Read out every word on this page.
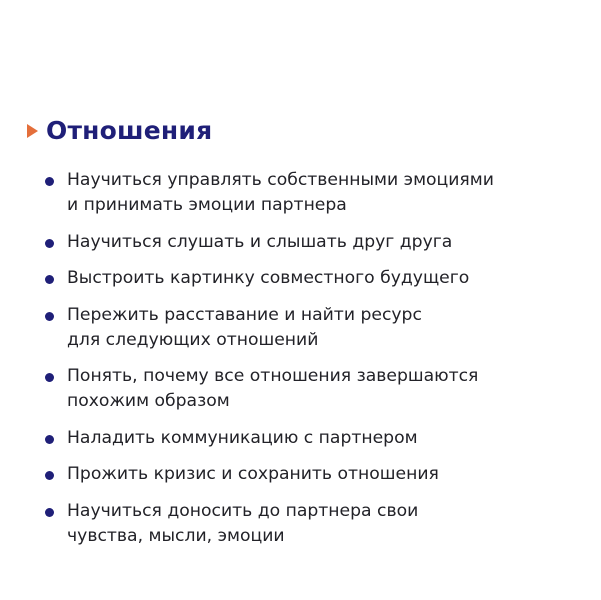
Отношения
Научиться управлять собственными эмоциями
и принимать эмоции партнера
Научиться слушать и слышать друг друга
Выстроить картинку совместного будущего
Пережить расставание и найти ресурс
для следующих отношений
Понять, почему все отношения завершаются
похожим образом
Наладить коммуникацию с партнером
Прожить кризис и сохранить отношения
Научиться доносить до партнера свои
чувства, мысли, эмоции
